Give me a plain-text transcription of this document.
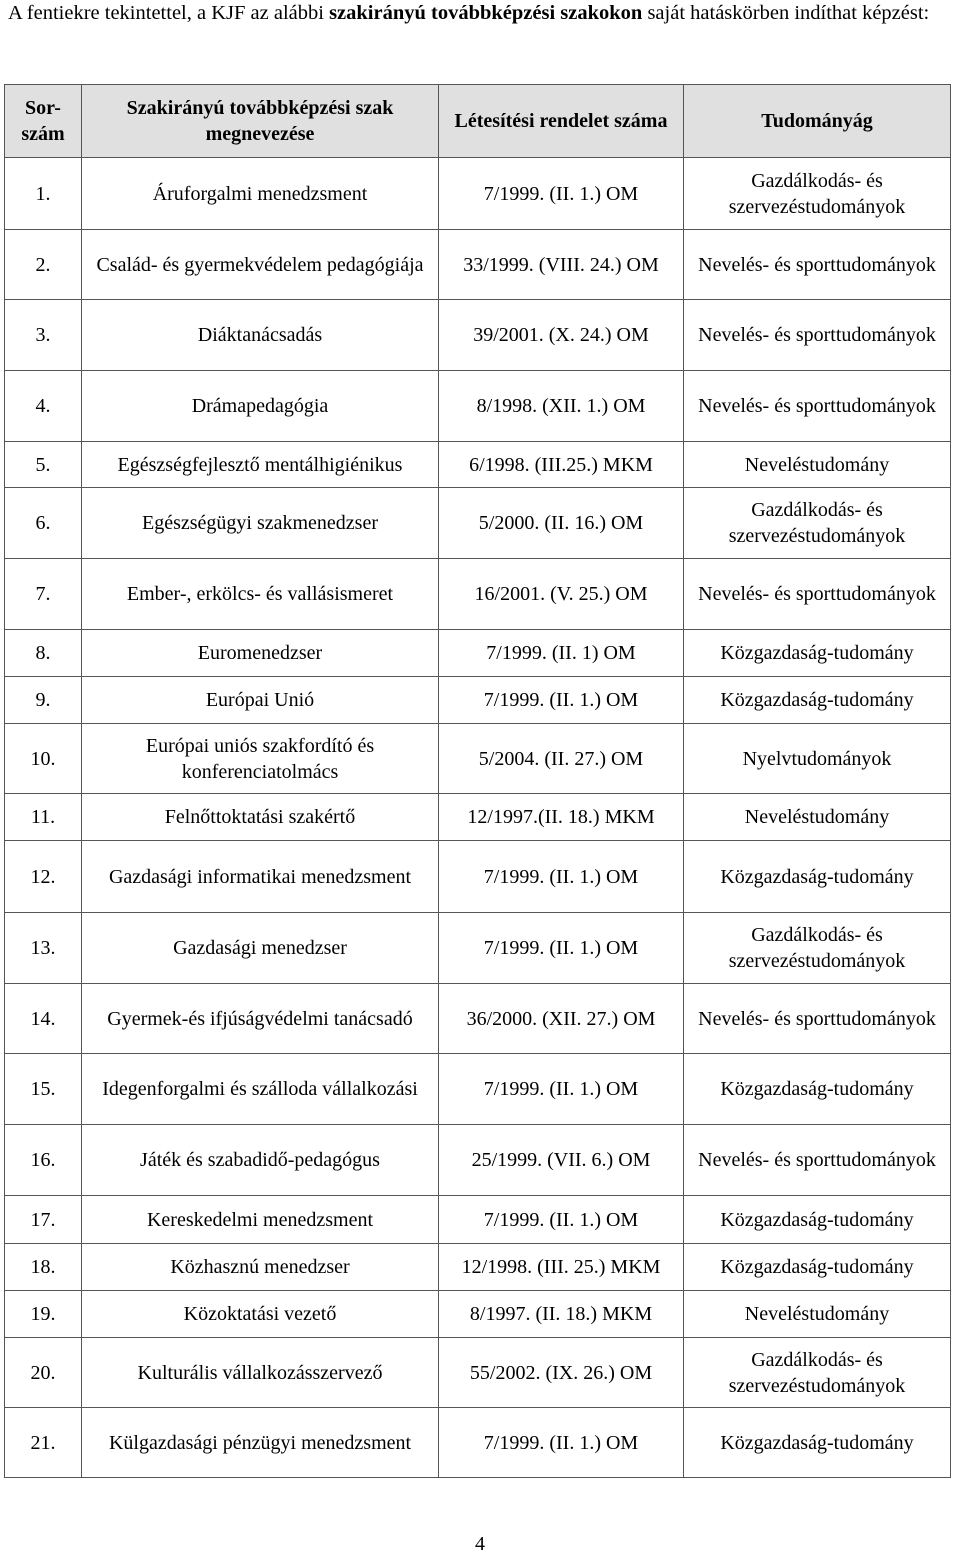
A fentiekre tekintettel, a KJF az alábbi szakirányú továbbképzési szakokon saját hatáskörben indíthat képzést:
Sor-szám	Szakirányú továbbképzési szak megnevezése	Létesítési rendelet száma	Tudományág
1.	Áruforgalmi menedzsment	7/1999. (II. 1.) OM	Gazdálkodás- és szervezéstudományok
2.	Család- és gyermekvédelem pedagógiája	33/1999. (VIII. 24.) OM	Nevelés- és sporttudományok
3.	Diáktanácsadás	39/2001. (X. 24.) OM	Nevelés- és sporttudományok
4.	Drámapedagógia	8/1998. (XII. 1.) OM	Nevelés- és sporttudományok
5.	Egészségfejlesztő mentálhigiénikus	6/1998. (III.25.) MKM	Neveléstudomány
6.	Egészségügyi szakmenedzser	5/2000. (II. 16.) OM	Gazdálkodás- és szervezéstudományok
7.	Ember-, erkölcs- és vallásismeret	16/2001. (V. 25.) OM	Nevelés- és sporttudományok
8.	Euromenedzser	7/1999. (II. 1) OM	Közgazdaság-tudomány
9.	Európai Unió	7/1999. (II. 1.) OM	Közgazdaság-tudomány
10.	Európai uniós szakfordító és konferenciatolmács	5/2004. (II. 27.) OM	Nyelvtudományok
11.	Felnőttoktatási szakértő	12/1997.(II. 18.) MKM	Neveléstudomány
12.	Gazdasági informatikai menedzsment	7/1999. (II. 1.) OM	Közgazdaság-tudomány
13.	Gazdasági menedzser	7/1999. (II. 1.) OM	Gazdálkodás- és szervezéstudományok
14.	Gyermek-és ifjúságvédelmi tanácsadó	36/2000. (XII. 27.) OM	Nevelés- és sporttudományok
15.	Idegenforgalmi és szálloda vállalkozási	7/1999. (II. 1.) OM	Közgazdaság-tudomány
16.	Játék és szabadidő-pedagógus	25/1999. (VII. 6.) OM	Nevelés- és sporttudományok
17.	Kereskedelmi menedzsment	7/1999. (II. 1.) OM	Közgazdaság-tudomány
18.	Közhasznú menedzser	12/1998. (III. 25.) MKM	Közgazdaság-tudomány
19.	Közoktatási vezető	8/1997. (II. 18.) MKM	Neveléstudomány
20.	Kulturális vállalkozásszervező	55/2002. (IX. 26.) OM	Gazdálkodás- és szervezéstudományok
21.	Külgazdasági pénzügyi menedzsment	7/1999. (II. 1.) OM	Közgazdaság-tudomány
4
